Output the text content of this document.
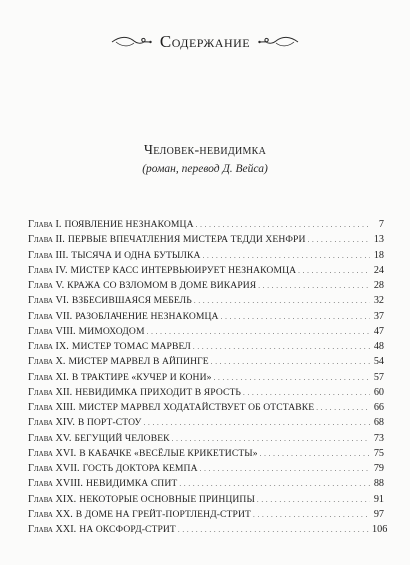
Содержание
Человек-невидимка
(роман, перевод Д. Вейса)
Глава I. ПОЯВЛЕНИЕ НЕЗНАКОМЦА . . .	7
Глава II. ПЕРВЫЕ ВПЕЧАТЛЕНИЯ МИСТЕРА ТЕДДИ ХЕНФРИ . . .	13
Глава III. ТЫСЯЧА И ОДНА БУТЫЛКА . . .	18
Глава IV. МИСТЕР КАСС ИНТЕРВЬЮИРУЕТ НЕЗНАКОМЦА . . .	24
Глава V. КРАЖА СО ВЗЛОМОМ В ДОМЕ ВИКАРИЯ . . .	28
Глава VI. ВЗБЕСИВШАЯСЯ МЕБЕЛЬ . . .	32
Глава VII. РАЗОБЛАЧЕНИЕ НЕЗНАКОМЦА . . .	37
Глава VIII. МИМОХОДОМ . . .	47
Глава IX. МИСТЕР ТОМАС МАРВЕЛ . . .	48
Глава X. МИСТЕР МАРВЕЛ В АЙПИНГЕ . . .	54
Глава XI. В ТРАКТИРЕ «КУЧЕР И КОНИ» . . .	57
Глава XII. НЕВИДИМКА ПРИХОДИТ В ЯРОСТЬ . . .	60
Глава XIII. МИСТЕР МАРВЕЛ ХОДАТАЙСТВУЕТ ОБ ОТСТАВКЕ . . .	66
Глава XIV. В ПОРТ-СТОУ . . .	68
Глава XV. БЕГУЩИЙ ЧЕЛОВЕК . . .	73
Глава XVI. В КАБАЧКЕ «ВЕСЁЛЫЕ КРИКЕТИСТЫ» . . .	75
Глава XVII. ГОСТЬ ДОКТОРА КЕМПА . . .	79
Глава XVIII. НЕВИДИМКА СПИТ . . .	88
Глава XIX. НЕКОТОРЫЕ ОСНОВНЫЕ ПРИНЦИПЫ . . .	91
Глава XX. В ДОМЕ НА ГРЕЙТ-ПОРТЛЕНД-СТРИТ . . .	97
Глава XXI. НА ОКСФОРД-СТРИТ . . .	106
